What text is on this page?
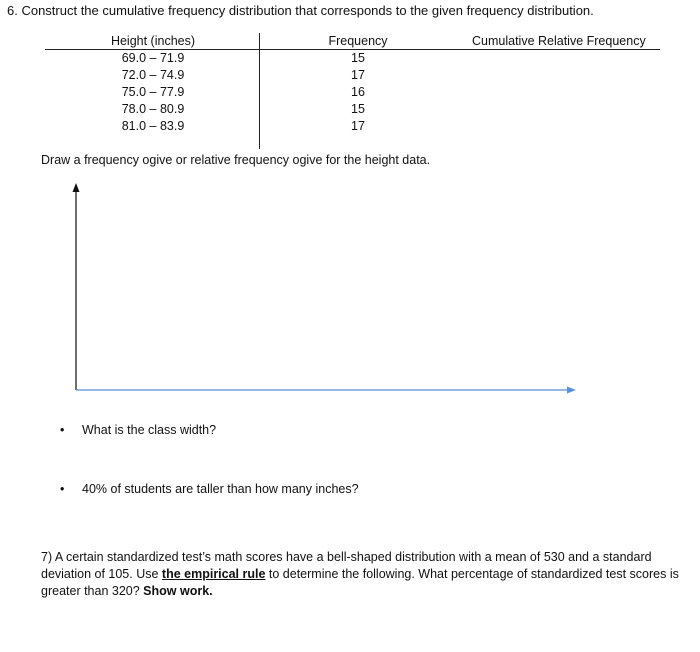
6. Construct the cumulative frequency distribution that corresponds to the given frequency distribution.
Height (inches)	Frequency	Cumulative Relative Frequency
69.0 – 71.9	15
72.0 – 74.9	17
75.0 – 77.9	16
78.0 – 80.9	15
81.0 – 83.9	17
Draw a frequency ogive or relative frequency ogive for the height data.
• What is the class width?
• 40% of students are taller than how many inches?
7) A certain standardized test’s math scores have a bell-shaped distribution with a mean of 530 and a standard deviation of 105. Use the empirical rule to determine the following. What percentage of standardized test scores is greater than 320? Show work.
